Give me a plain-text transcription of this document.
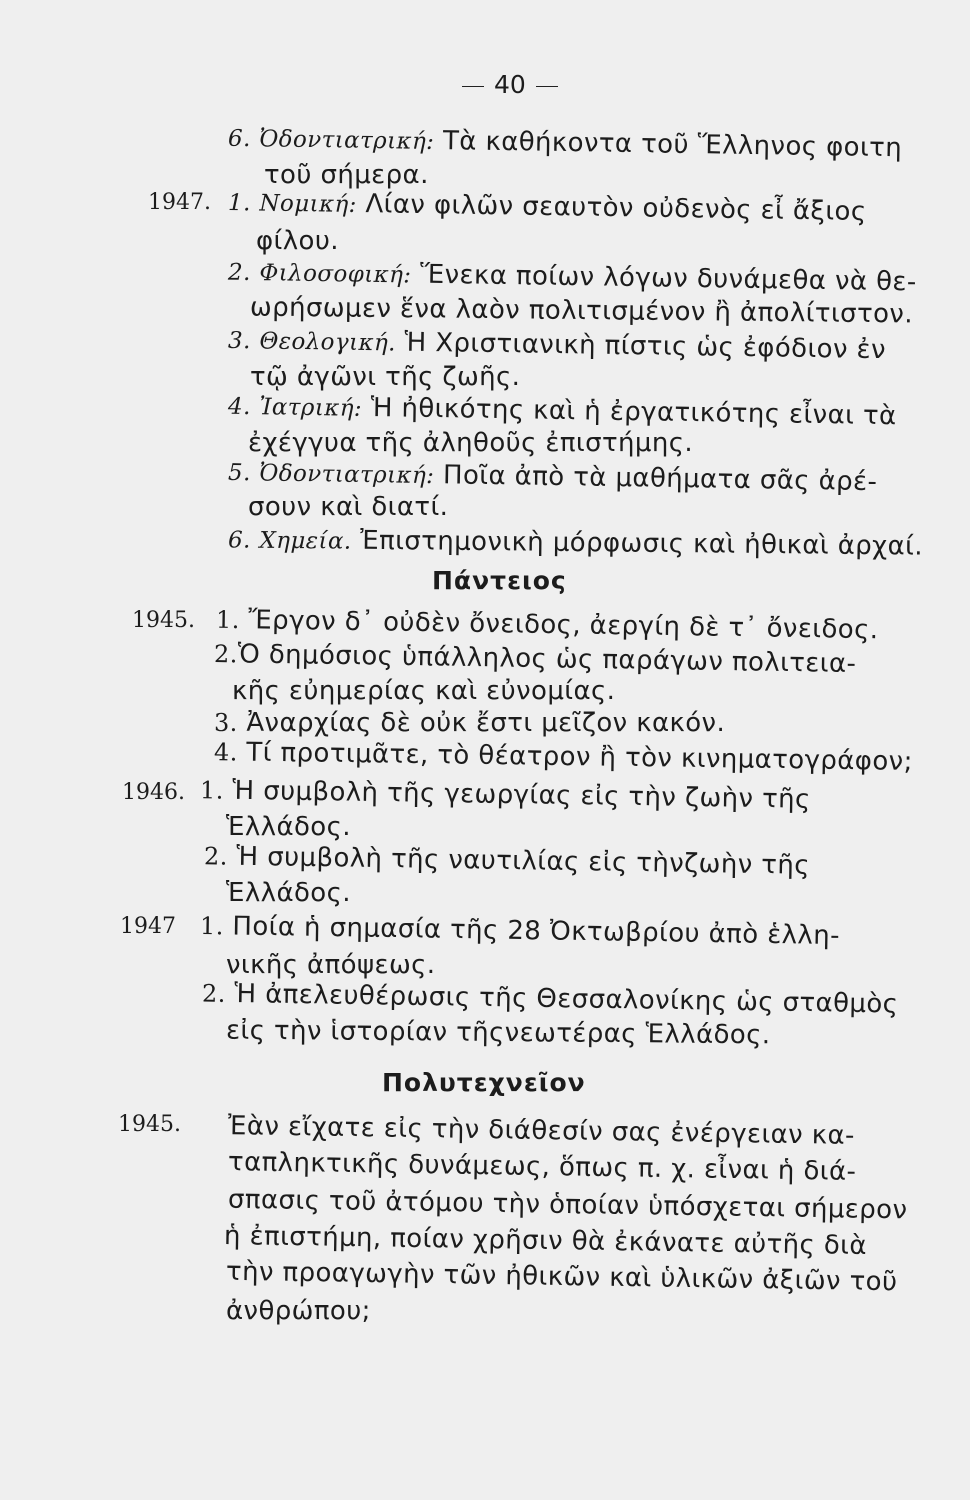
40
6. Ὀδοντιατρική: Τὰ καθήκοντα τοῦ Ἕλληνος φοιτη
τοῦ σήμερα.
1947. 1. Νομική: Λίαν φιλῶν σεαυτὸν οὐδενὸς εἶ ἄξιος
φίλου.
2. Φιλοσοφική: Ἕνεκα ποίων λόγων δυνάμεθα νὰ θε-
ωρήσωμεν ἕνα λαὸν πολιτισμένον ἢ ἀπολίτιστον.
3. Θεολογική. Ἡ Χριστιανικὴ πίστις ὡς ἐφόδιον ἐν
τῷ ἀγῶνι τῆς ζωῆς.
4. Ἰατρική: Ἡ ἠθικότης καὶ ἡ ἐργατικότης εἶναι τὰ
ἐχέγγυα τῆς ἀληθοῦς ἐπιστήμης.
5. Ὀδοντιατρική: Ποῖα ἀπὸ τὰ μαθήματα σᾶς ἀρέ-
σουν καὶ διατί.
6. Χημεία. Ἐπιστημονικὴ μόρφωσις καὶ ἠθικαὶ ἀρχαί.
Πάντειος
1945. 1. Ἔργον δ᾽ οὐδὲν ὄνειδος, ἀεργίη δὲ τ᾽ ὄνειδος.
2.Ὁ δημόσιος ὑπάλληλος ὡς παράγων πολιτεια-
κῆς εὐημερίας καὶ εὐνομίας.
3. Ἀναρχίας δὲ οὐκ ἔστι μεῖζον κακόν.
4. Τί προτιμᾶτε, τὸ θέατρον ἢ τὸν κινηματογράφον;
1946. 1. Ἡ συμβολὴ τῆς γεωργίας εἰς τὴν ζωὴν τῆς
Ἑλλάδος.
2. Ἡ συμβολὴ τῆς ναυτιλίας εἰς τὴνζωὴν τῆς
Ἑλλάδος.
1947 1. Ποία ἡ σημασία τῆς 28 Ὀκτωβρίου ἀπὸ ἑλλη-
νικῆς ἀπόψεως.
2. Ἡ ἀπελευθέρωσις τῆς Θεσσαλονίκης ὡς σταθμὸς
εἰς τὴν ἱστορίαν τῆςνεωτέρας Ἑλλάδος.
Πολυτεχνεῖον
1945. Ἐὰν εἴχατε εἰς τὴν διάθεσίν σας ἐνέργειαν κα-
ταπληκτικῆς δυνάμεως, ὅπως π. χ. εἶναι ἡ διά-
σπασις τοῦ ἀτόμου τὴν ὁποίαν ὑπόσχεται σήμερον
ἡ ἐπιστήμη, ποίαν χρῆσιν θὰ ἐκάνατε αὐτῆς διὰ
τὴν προαγωγὴν τῶν ἠθικῶν καὶ ὑλικῶν ἀξιῶν τοῦ
ἀνθρώπου;
